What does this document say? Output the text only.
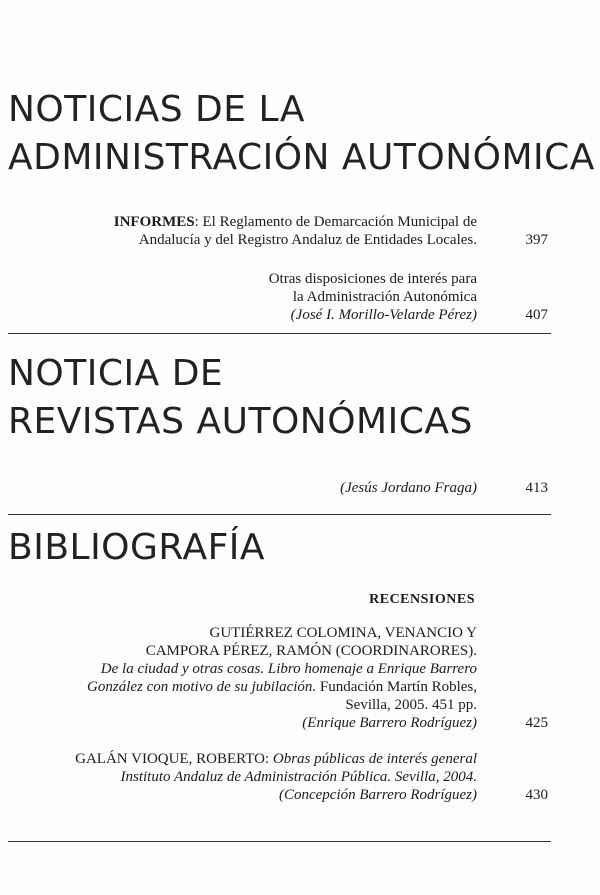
NOTICIAS DE LA
ADMINISTRACIÓN AUTONÓMICA
INFORMES: El Reglamento de Demarcación Municipal de
Andalucía y del Registro Andaluz de Entidades Locales.	397
Otras disposiciones de interés para
la Administración Autonómica
(José I. Morillo-Velarde Pérez)	407
NOTICIA DE
REVISTAS AUTONÓMICAS
(Jesús Jordano Fraga)	413
BIBLIOGRAFÍA
RECENSIONES
GUTIÉRREZ COLOMINA, VENANCIO Y
CAMPORA PÉREZ, RAMÓN (COORDINARORES).
De la ciudad y otras cosas. Libro homenaje a Enrique Barrero
González con motivo de su jubilación. Fundación Martín Robles,
Sevilla, 2005. 451 pp.
(Enrique Barrero Rodríguez)	425
GALÁN VIOQUE, ROBERTO: Obras públicas de interés general
Instituto Andaluz de Administración Pública. Sevilla, 2004.
(Concepción Barrero Rodríguez)	430
